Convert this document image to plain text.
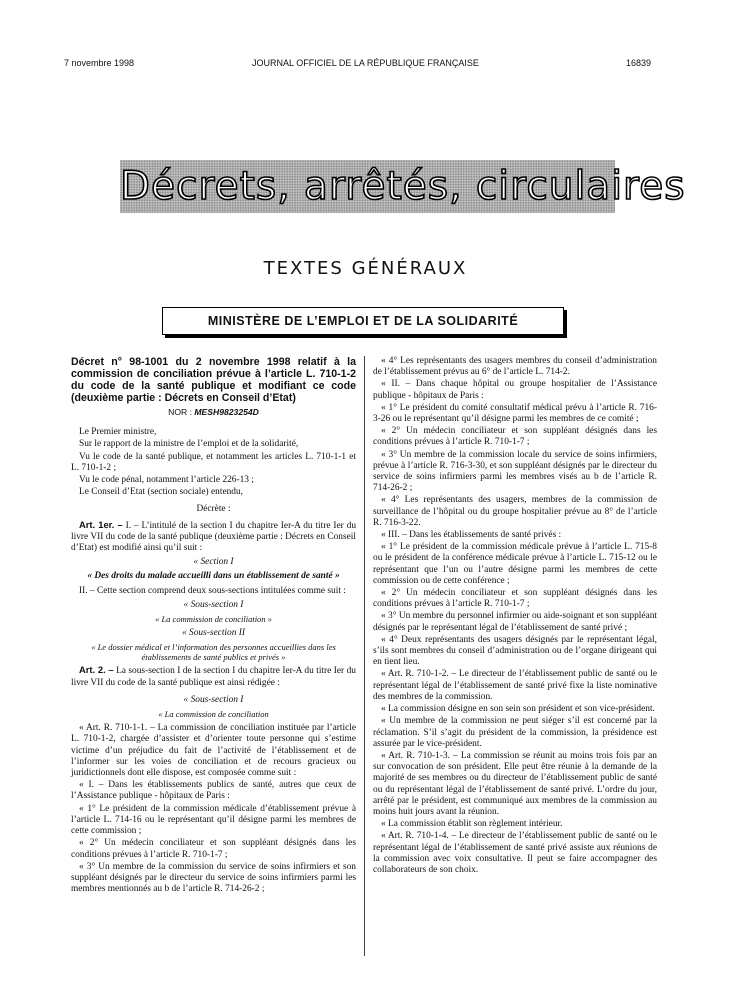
7 novembre 1998	JOURNAL OFFICIEL DE LA RÉPUBLIQUE FRANÇAISE	16839
Décrets, arrêtés, circulaires
TEXTES GÉNÉRAUX
MINISTÈRE DE L’EMPLOI ET DE LA SOLIDARITÉ

Décret n° 98-1001 du 2 novembre 1998 relatif à la commission de conciliation prévue à l’article L. 710-1-2 du code de la santé publique et modifiant ce code (deuxième partie : Décrets en Conseil d’Etat)

NOR : MESH9823254D

Le Premier ministre,

Sur le rapport de la ministre de l’emploi et de la solidarité,

Vu le code de la santé publique, et notamment les articles L. 710-1-1 et L. 710-1-2 ;

Vu le code pénal, notamment l’article 226-13 ;

Le Conseil d’Etat (section sociale) entendu,

Décrète :

Art. 1er. – I. – L’intitulé de la section I du chapitre Ier-A du titre Ier du livre VII du code de la santé publique (deuxième partie : Décrets en Conseil d’Etat) est modifié ainsi qu’il suit :

« Section I

« Des droits du malade accueilli dans un établissement de santé »

II. – Cette section comprend deux sous-sections intitulées comme suit :

« Sous-section I

« La commission de conciliation »

« Sous-section II

« Le dossier médical et l’information des personnes accueillies dans les établissements de santé publics et privés »

Art. 2. – La sous-section I de la section I du chapitre Ier-A du titre Ier du livre VII du code de la santé publique est ainsi rédigée :

« Sous-section I

« La commission de conciliation

« Art. R. 710-1-1. – La commission de conciliation instituée par l’article L. 710-1-2, chargée d’assister et d’orienter toute personne qui s’estime victime d’un préjudice du fait de l’activité de l’établissement et de l’informer sur les voies de conciliation et de recours gracieux ou juridictionnels dont elle dispose, est composée comme suit :

« I. – Dans les établissements publics de santé, autres que ceux de l’Assistance publique - hôpitaux de Paris :

« 1° Le président de la commission médicale d’établissement prévue à l’article L. 714-16 ou le représentant qu’il désigne parmi les membres de cette commission ;

« 2° Un médecin conciliateur et son suppléant désignés dans les conditions prévues à l’article R. 710-1-7 ;

« 3° Un membre de la commission du service de soins infirmiers et son suppléant désignés par le directeur du service de soins infirmiers parmi les membres mentionnés au b de l’article R. 714-26-2 ;

« 4° Les représentants des usagers membres du conseil d’administration de l’établissement prévus au 6° de l’article L. 714-2.

« II. – Dans chaque hôpital ou groupe hospitalier de l’Assistance publique - hôpitaux de Paris :

« 1° Le président du comité consultatif médical prévu à l’article R. 716-3-26 ou le représentant qu’il désigne parmi les membres de ce comité ;

« 2° Un médecin conciliateur et son suppléant désignés dans les conditions prévues à l’article R. 710-1-7 ;

« 3° Un membre de la commission locale du service de soins infirmiers, prévue à l’article R. 716-3-30, et son suppléant désignés par le directeur du service de soins infirmiers parmi les membres visés au b de l’article R. 714-26-2 ;

« 4° Les représentants des usagers, membres de la commission de surveillance de l’hôpital ou du groupe hospitalier prévue au 8° de l’article R. 716-3-22.

« III. – Dans les établissements de santé privés :

« 1° Le président de la commission médicale prévue à l’article L. 715-8 ou le président de la conférence médicale prévue à l’article L. 715-12 ou le représentant que l’un ou l’autre désigne parmi les membres de cette commission ou de cette conférence ;

« 2° Un médecin conciliateur et son suppléant désignés dans les conditions prévues à l’article R. 710-1-7 ;

« 3° Un membre du personnel infirmier ou aide-soignant et son suppléant désignés par le représentant légal de l’établissement de santé privé ;

« 4° Deux représentants des usagers désignés par le représentant légal, s’ils sont membres du conseil d’administration ou de l’organe dirigeant qui en tient lieu.

« Art. R. 710-1-2. – Le directeur de l’établissement public de santé ou le représentant légal de l’établissement de santé privé fixe la liste nominative des membres de la commission.

« La commission désigne en son sein son président et son vice-président.

« Un membre de la commission ne peut siéger s’il est concerné par la réclamation. S’il s’agit du président de la commission, la présidence est assurée par le vice-président.

« Art. R. 710-1-3. – La commission se réunit au moins trois fois par an sur convocation de son président. Elle peut être réunie à la demande de la majorité de ses membres ou du directeur de l’établissement public de santé ou du représentant légal de l’établissement de santé privé. L’ordre du jour, arrêté par le président, est communiqué aux membres de la commission au moins huit jours avant la réunion.

« La commission établit son règlement intérieur.

« Art. R. 710-1-4. – Le directeur de l’établissement public de santé ou le représentant légal de l’établissement de santé privé assiste aux réunions de la commission avec voix consultative. Il peut se faire accompagner des collaborateurs de son choix.
